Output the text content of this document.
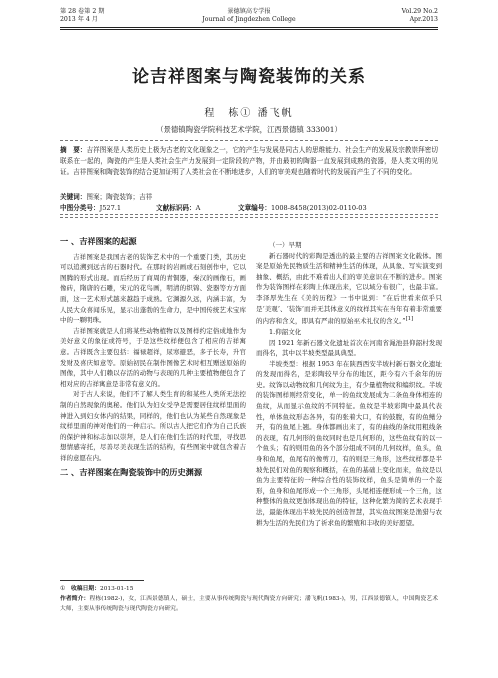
第 28 卷第 2 期
2013 年 4 月
景德镇高专学报
Journal of Jingdezhen College
Vol.29 No.2
Apr.2013
论吉祥图案与陶瓷装饰的关系
程　栋① 潘飞帆
（景德镇陶瓷学院科技艺术学院，江西景德镇 333001）
摘　要：吉祥图案是人类历史上极为古老的文化现象之一，它的产生与发展是同古人的思维能力、社会生产的发展及宗教崇拜密切联系在一起的，陶瓷的产生是人类社会生产力发展到一定阶段的产物，并由最初的陶器一直发展到成熟的瓷器，是人类文明的见证。吉祥图案和陶瓷装饰的结合更加证明了人类社会在不断地进步，人们的审美观也随着时代的发展而产生了不同的变化。
关键词：图案；陶瓷装饰；吉祥
中图分类号：J527.1	文献标识码：A	文章编号：1008-8458(2013)02-0110-03
一 、吉祥图案的起源

吉祥图案是我国古老的装饰艺术中的一个重要门类，其历史可以追溯到远古的石器时代。在那时的岩画或石刻创作中，它以图腾的形式出现。而后经历了商周的青铜器，秦汉的画像石，画像砖，隋唐的石雕，宋元的花鸟画，明清的织锦、瓷器等方方面面，这一艺术形式越来越趋于成熟。它渊源久远，内涵丰富，为人民大众喜闻乐见，显示出蓬勃的生命力，是中国传统艺术宝库中的一颗明珠。

吉祥图案就是人们将某些动物植物以及图样约定俗成地作为美好意义的象征或符号，于是这些纹样便包含了相应的吉祥寓意。吉祥既含主要包括：福禄超祥，尿寒避恶，多子长寿，升官发财及喜庆如意等。原始初民在制作图像艺术时相互赠送原始的图像，其中人们赖以存活的动物与表现的几种主要植物便包含了相对应的吉祥寓意是非常有意义的。

对于古人来说，他们不了解人类生育的和某些人类所无法控制的自然现象的奥秘。他们认为妇女受孕是需要居住纹样里面的神进入到妇女体内的结果，同样的，他们也认为某些自然现象是纹样里面的神对他们的一种启示。所以古人把它们作为自己氏族的保护神和标志加以崇拜，是人们在他们生活的时代里，寻找思想情感寄托，尽善尽美表现生活的结构，有些图案中就包含着吉祥的意愿在内。

二 、吉祥图案在陶瓷装饰中的历史渊源

（一）早期

新石器时代的彩陶是透出的最主要的吉祥图案文化载体。图案是原始先民物质生活和精神生活的体现，从具象、写实演变到抽象、概括，由此不难看出人们的审美意识在不断的进步。图案作为装饰图样在彩陶上体现出来，它以域分布很广，也最丰富。李泽厚先生在《美的历程》一书中说到：“在后世看来似乎只是‘美观’、‘装饰’而并无其体意义的纹样其实在当年有着非常重要的内容和含义，即具有严肃的原始巫术礼仪的含义。”[1]

1.仰韶文化

因 1921 年新石器文化遗址首次在河南省渑池县仰韶村发现而得名，其中以半坡类型最具典型。

半坡类型：根据 1953 年在陕西西安半坡村新石器文化遗址的发现而得名，是彩陶较早分布的地区，距今有六千余年的历史。纹饰以动物纹和几何纹为主，有少量植物纹和编织纹。半坡的装饰图样则经常变化，单一的鱼纹发展成为二条鱼身体相连的鱼纹，从而显示鱼纹的不同特征。鱼纹是半坡彩陶中最具代表性，单体鱼纹形态各异，有的张着大口，有的鼓腹，有的鱼鳍分开，有的鱼尾上翘。身体都画出来了，有的曲线的条纹用粗线条的表现，有几何形的鱼纹同时也是几何形的，这些鱼纹有的以一个鱼头；有的则用鱼的各个部分组成不同的几何纹样，鱼头，鱼身和鱼尾，鱼尾有的像剪刀，有的则是三角形，这些纹样都是半坡先民们对鱼的观察和概括，在鱼的基础上变化而来，鱼纹是以鱼为主要特征的一种综合性的装饰纹样，鱼头是简单的一个菱形，鱼身和鱼尾形成一个三角形，头尾相连便形成一个三角，这种整体的鱼纹更加体现出鱼的特征，这种化繁为简的艺术表现手法，最能体现出半坡先民的创造智慧，其实鱼纹图案是渔猎与农耕为生活的先民们为了祈求鱼的繁殖和丰收的美好愿望。

①　收稿日期：2013-01-15
作者简介：程栋(1982-)，女，江西景德镇人，硕士，主要从事传统陶瓷与现代陶瓷方向研究；潘飞帆(1983-)，男，江西景德镇人，中国陶瓷艺术大师，主要从事传统陶瓷与现代陶瓷方向研究。
